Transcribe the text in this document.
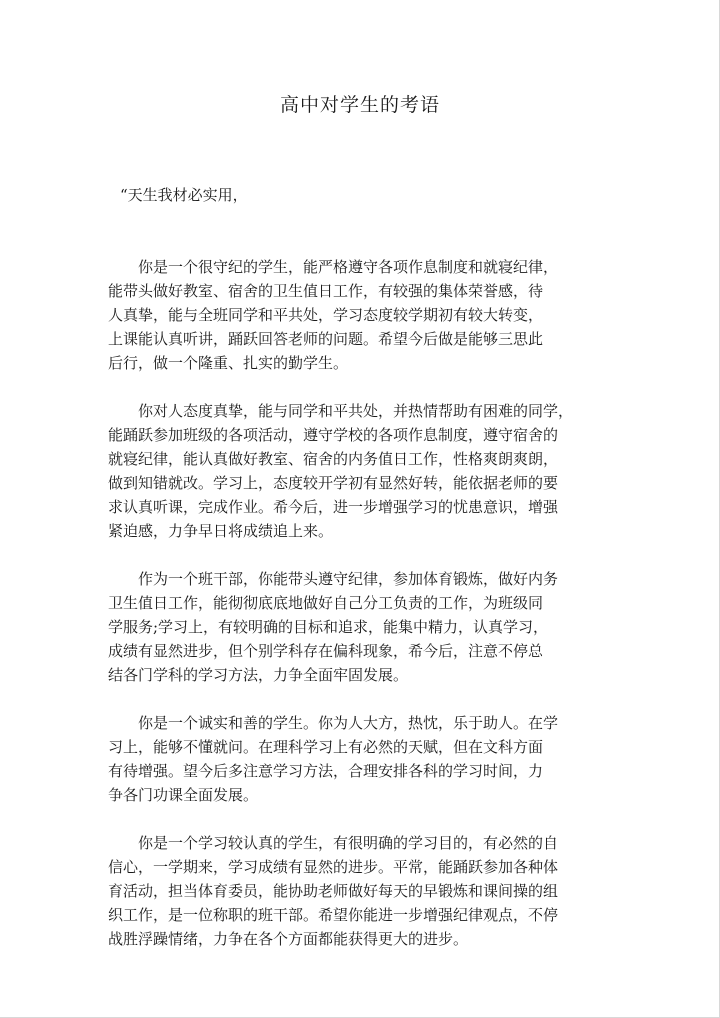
高中对学生的考语
“天生我材必实用，
你是一个很守纪的学生，能严格遵守各项作息制度和就寝纪律，
能带头做好教室、宿舍的卫生值日工作，有较强的集体荣誉感，待
人真挚，能与全班同学和平共处，学习态度较学期初有较大转变，
上课能认真听讲，踊跃回答老师的问题。希望今后做是能够三思此
后行，做一个隆重、扎实的勤学生。
你对人态度真挚，能与同学和平共处，并热情帮助有困难的同学，
能踊跃参加班级的各项活动，遵守学校的各项作息制度，遵守宿舍的
就寝纪律，能认真做好教室、宿舍的内务值日工作，性格爽朗爽朗，
做到知错就改。学习上，态度较开学初有显然好转，能依据老师的要
求认真听课，完成作业。希今后，进一步增强学习的忧患意识，增强
紧迫感，力争早日将成绩追上来。
作为一个班干部，你能带头遵守纪律，参加体育锻炼，做好内务
卫生值日工作，能彻彻底底地做好自己分工负责的工作，为班级同
学服务;学习上，有较明确的目标和追求，能集中精力，认真学习，
成绩有显然进步，但个别学科存在偏科现象，希今后，注意不停总
结各门学科的学习方法，力争全面牢固发展。
你是一个诚实和善的学生。你为人大方，热忱，乐于助人。在学
习上，能够不懂就问。在理科学习上有必然的天赋，但在文科方面
有待增强。望今后多注意学习方法，合理安排各科的学习时间，力
争各门功课全面发展。
你是一个学习较认真的学生，有很明确的学习目的，有必然的自
信心，一学期来，学习成绩有显然的进步。平常，能踊跃参加各种体
育活动，担当体育委员，能协助老师做好每天的早锻炼和课间操的组
织工作，是一位称职的班干部。希望你能进一步增强纪律观点，不停
战胜浮躁情绪，力争在各个方面都能获得更大的进步。
